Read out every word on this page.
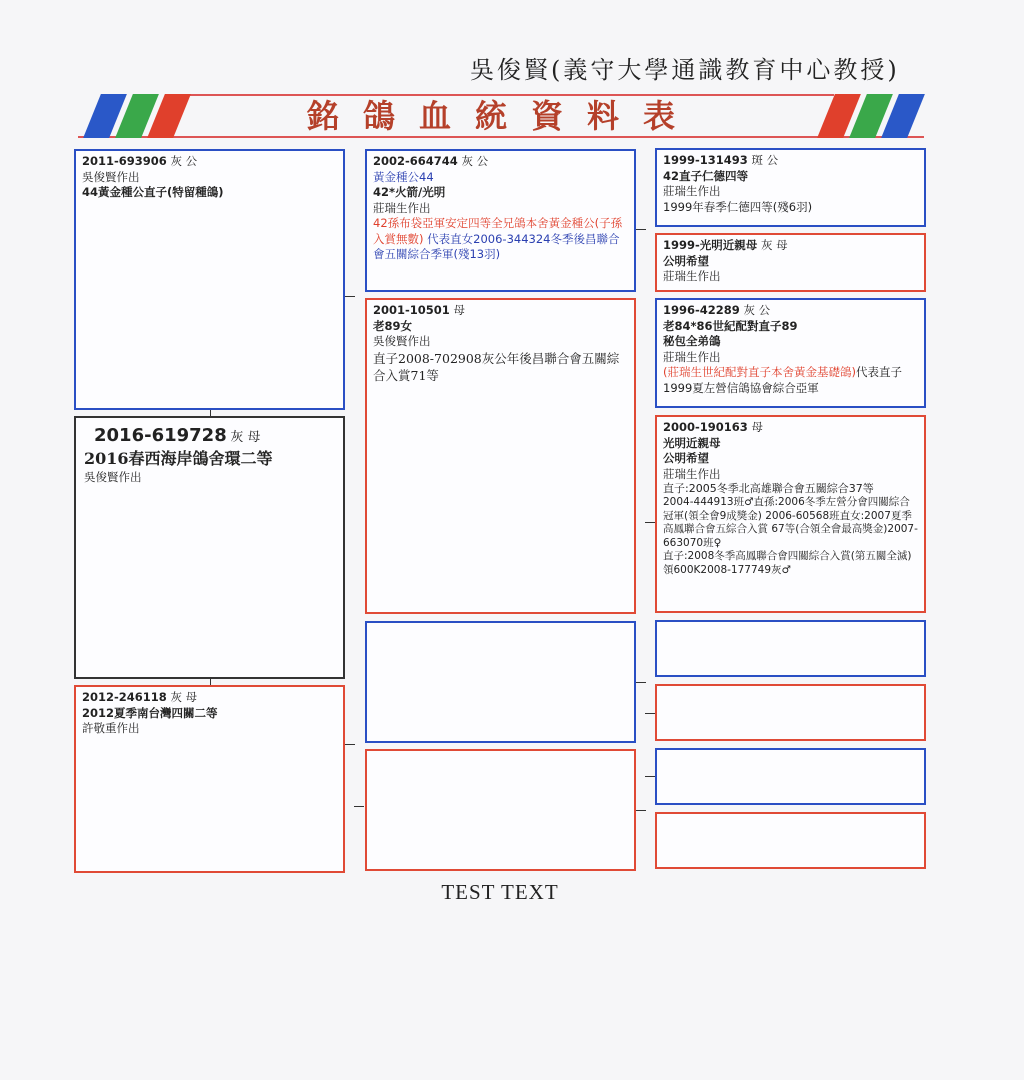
吳俊賢(義守大學通識教育中心教授)
銘鴿血統資料表
2011-693906 灰 公
吳俊賢作出
44黃金種公直子(特留種鴿)
2016-619728 灰 母
2016春西海岸鴿舍環二等
吳俊賢作出
2012-246118 灰 母
2012夏季南台灣四關二等
許敬重作出
2002-664744 灰 公
黃金種公44
42*火箭/光明
莊瑞生作出
42孫布袋亞軍安定四等全兄鴿本舍黃金種公(子孫入賞無數) 代表直女2006-344324冬季後昌聯合會五關綜合季軍(殘13羽)
2001-10501 母
老89女
吳俊賢作出
直子2008-702908灰公年後昌聯合會五關綜合入賞71等
1999-131493 斑 公
42直子仁德四等
莊瑞生作出
1999年春季仁德四等(殘6羽)
1999-光明近親母 灰 母
公明希望
莊瑞生作出
1996-42289 灰 公
老84*86世紀配對直子89
秘包全弟鴿
莊瑞生作出
(莊瑞生世紀配對直子本舍黃金基礎鴿)代表直子1999夏左營信鴿協會綜合亞軍
2000-190163 母
光明近親母
公明希望
莊瑞生作出
直子:2005冬季北高雄聯合會五關綜合37等
2004-444913班♂直孫:2006冬季左營分會四關綜合冠軍(領全會9成獎金) 2006-60568班直女:2007夏季高鳳聯合會五綜合入賞 67等(合領全會最高獎金)2007-663070班♀
直子:2008冬季高鳳聯合會四關綜合入賞(第五關全滅)領600K2008-177749灰♂
TEST TEXT
